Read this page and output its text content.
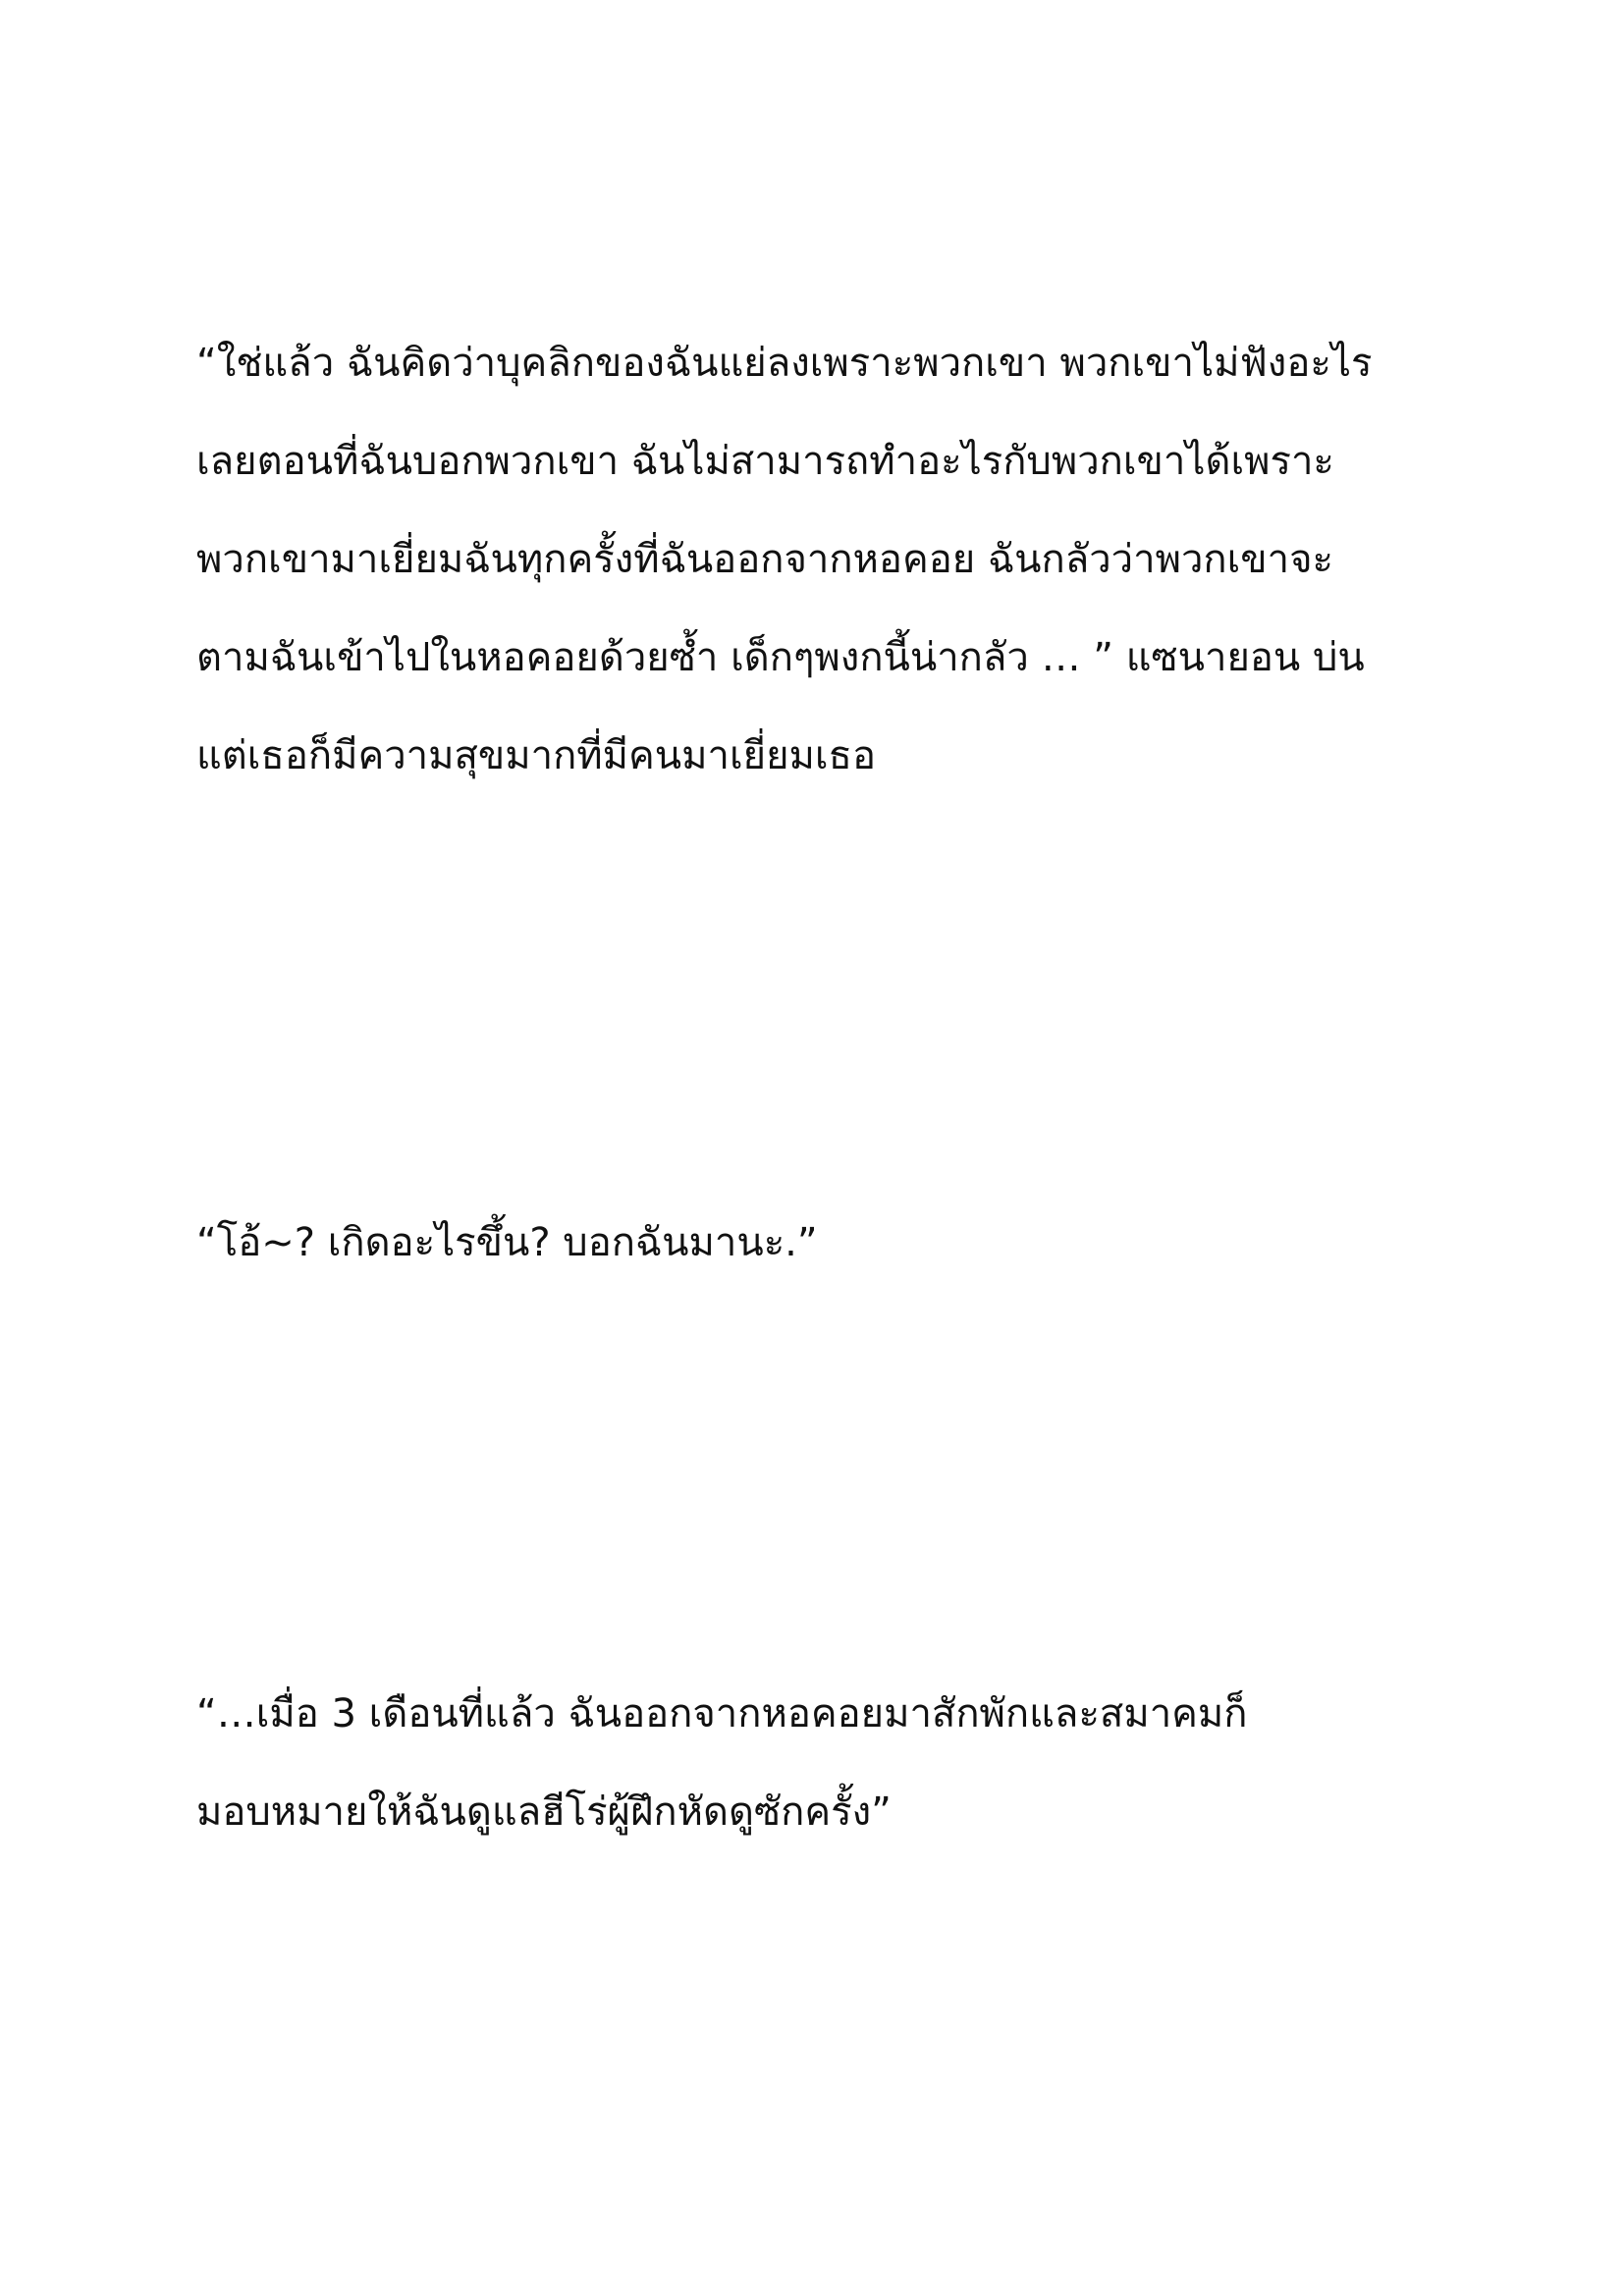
“ใช่แล้ว ฉันคิดว่าบุคลิกของฉันแย่ลงเพราะพวกเขา พวกเขาไม่ฟังอะไร
เลยตอนที่ฉันบอกพวกเขา ฉันไม่สามารถทำอะไรกับพวกเขาได้เพราะ
พวกเขามาเยี่ยมฉันทุกครั้งที่ฉันออกจากหอคอย ฉันกลัวว่าพวกเขาจะ
ตามฉันเข้าไปในหอคอยด้วยซ้ำ เด็กๆพงกนี้น่ากลัว … ” แซนายอน บ่น
แต่เธอก็มีความสุขมากที่มีคนมาเยี่ยมเธอ
“โอ้~? เกิดอะไรขึ้น? บอกฉันมานะ.”
“…เมื่อ 3 เดือนที่แล้ว ฉันออกจากหอคอยมาสักพักและสมาคมก็
มอบหมายให้ฉันดูแลฮีโร่ผู้ฝึกหัดดูซักครั้ง”
